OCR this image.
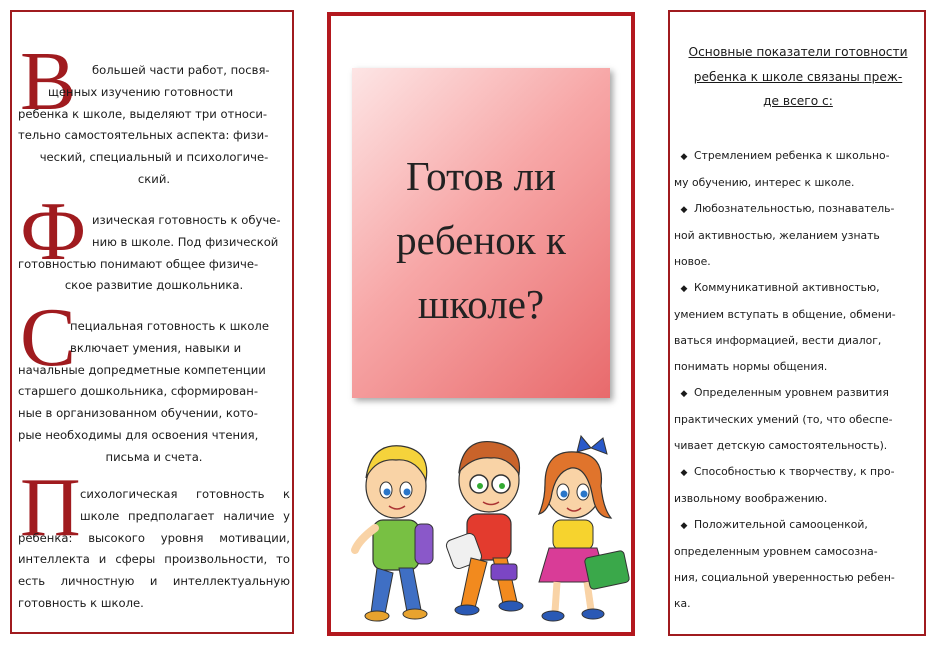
В	большей части работ, посвя-
щенных изучению готовности
ребенка к школе, выделяют три относи-
тельно самостоятельных аспекта: физи-
ческий, специальный и психологиче-
ский.
Ф изическая готовность к обуче-
нию в школе. Под физической
готовностью понимают общее физиче-
ское развитие дошкольника.
С
пециальная готовность к школе
включает умения, навыки и
начальные допредметные компетенции
старшего дошкольника, сформирован-
ные в организованном обучении, кото-
рые необходимы для освоения чтения,
письма и счета.
П сихологическая готовность к
школе предполагает наличие у
ребенка: высокого уровня мотивации,
интеллекта и сферы произвольности, то
есть личностную и интеллектуальную
готовность к школе.
Готов ли
ребенок к
школе?
Основные показатели готовности
ребенка к школе связаны преж-
де всего с:
◆ Стремлением ребенка к школьно-
му обучению, интерес к школе.
◆ Любознательностью, познаватель-
ной активностью, желанием узнать
новое.
◆ Коммуникативной активностью,
умением вступать в общение, обмени-
ваться информацией, вести диалог,
понимать нормы общения.
◆ Определенным уровнем развития
практических умений (то, что обеспе-
чивает детскую самостоятельность).
◆ Способностью к творчеству, к про-
извольному воображению.
◆ Положительной самооценкой,
определенным уровнем самосозна-
ния, социальной уверенностью ребен-
ка.
